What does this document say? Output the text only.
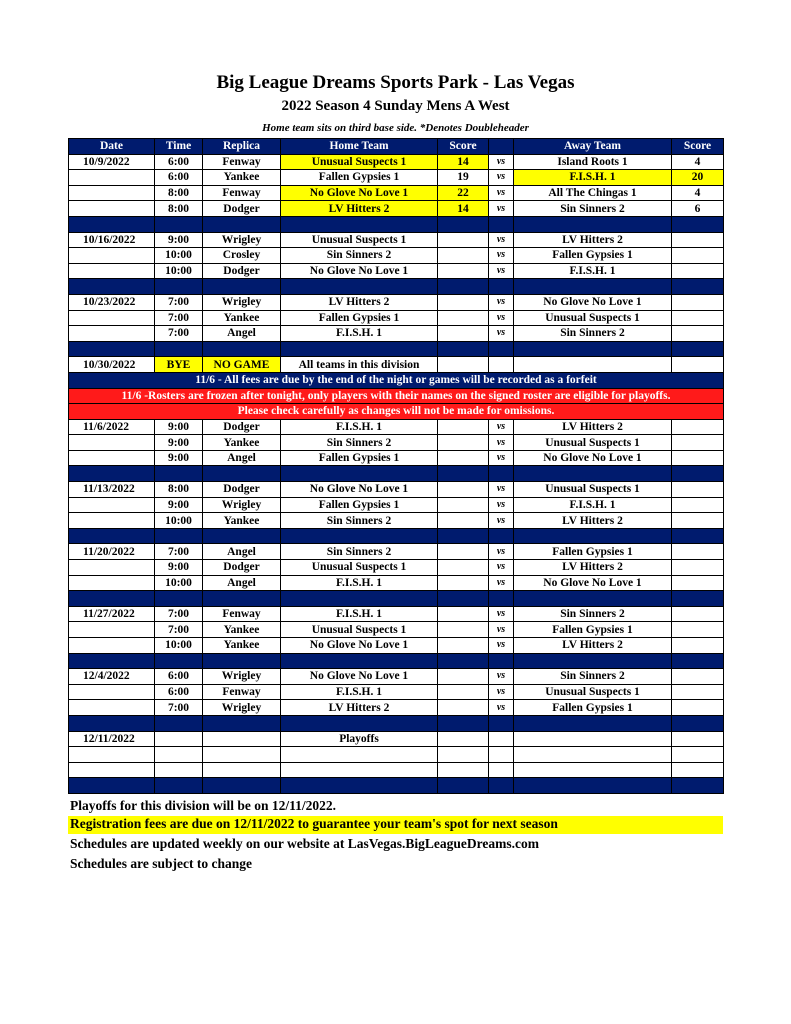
Big League Dreams Sports Park - Las Vegas
2022 Season 4 Sunday Mens A West
Home team sits on third base side. *Denotes Doubleheader
Date	Time	Replica	Home Team	Score		Away Team	Score
10/9/2022	6:00	Fenway	Unusual Suspects 1	14	vs	Island Roots 1	4
	6:00	Yankee	Fallen Gypsies 1	19	vs	F.I.S.H. 1	20
	8:00	Fenway	No Glove No Love 1	22	vs	All The Chingas 1	4
	8:00	Dodger	LV Hitters 2	14	vs	Sin Sinners 2	6

10/16/2022	9:00	Wrigley	Unusual Suspects 1		vs	LV Hitters 2	
	10:00	Crosley	Sin Sinners 2		vs	Fallen Gypsies 1	
	10:00	Dodger	No Glove No Love 1		vs	F.I.S.H. 1	

10/23/2022	7:00	Wrigley	LV Hitters 2		vs	No Glove No Love 1	
	7:00	Yankee	Fallen Gypsies 1		vs	Unusual Suspects 1	
	7:00	Angel	F.I.S.H. 1		vs	Sin Sinners 2	

10/30/2022	BYE	NO GAME	All teams in this division				
11/6 - All fees are due by the end of the night or games will be recorded as a forfeit							
11/6 -Rosters are frozen after tonight, only players with their names on the signed roster are eligible for playoffs.							
Please check carefully as changes will not be made for omissions.							
11/6/2022	9:00	Dodger	F.I.S.H. 1		vs	LV Hitters 2	
	9:00	Yankee	Sin Sinners 2		vs	Unusual Suspects 1	
	9:00	Angel	Fallen Gypsies 1		vs	No Glove No Love 1	

11/13/2022	8:00	Dodger	No Glove No Love 1		vs	Unusual Suspects 1	
	9:00	Wrigley	Fallen Gypsies 1		vs	F.I.S.H. 1	
	10:00	Yankee	Sin Sinners 2		vs	LV Hitters 2	

11/20/2022	7:00	Angel	Sin Sinners 2		vs	Fallen Gypsies 1	
	9:00	Dodger	Unusual Suspects 1		vs	LV Hitters 2	
	10:00	Angel	F.I.S.H. 1		vs	No Glove No Love 1	

11/27/2022	7:00	Fenway	F.I.S.H. 1		vs	Sin Sinners 2	
	7:00	Yankee	Unusual Suspects 1		vs	Fallen Gypsies 1	
	10:00	Yankee	No Glove No Love 1		vs	LV Hitters 2	

12/4/2022	6:00	Wrigley	No Glove No Love 1		vs	Sin Sinners 2	
	6:00	Fenway	F.I.S.H. 1		vs	Unusual Suspects 1	
	7:00	Wrigley	LV Hitters 2		vs	Fallen Gypsies 1	

12/11/2022			Playoffs				

Playoffs for this division will be on 12/11/2022.
Registration fees are due on 12/11/2022 to guarantee your team's spot for next season
Schedules are updated weekly on our website at LasVegas.BigLeagueDreams.com
Schedules are subject to change
